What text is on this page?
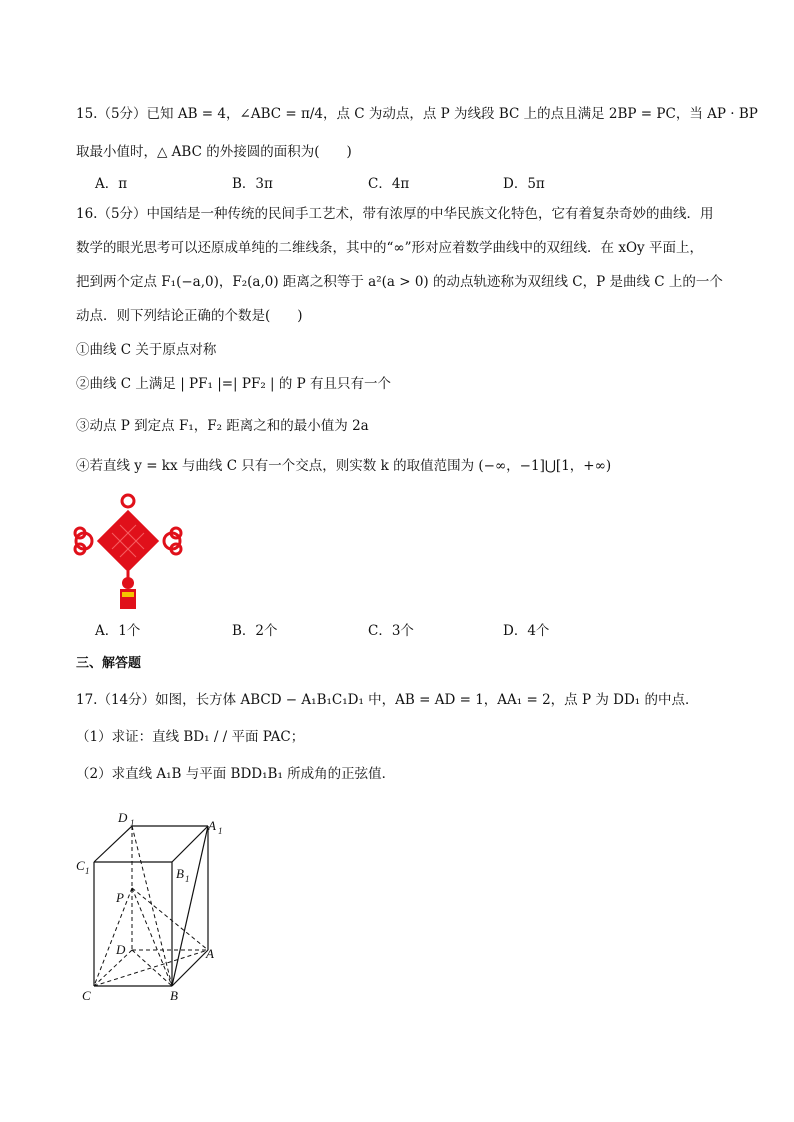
15.（5分）已知 AB = 4，∠ABC = π/4，点 C 为动点，点 P 为线段 BC 上的点且满足 2BP = PC，当 AP · BP
取最小值时，△ ABC 的外接圆的面积为(　　)
A．π	B．3π	C．4π	D．5π
16.（5分）中国结是一种传统的民间手工艺术，带有浓厚的中华民族文化特色，它有着复杂奇妙的曲线．用
数学的眼光思考可以还原成单纯的二维线条，其中的“∞”形对应着数学曲线中的双纽线．在 xOy 平面上，
把到两个定点 F₁(−a,0)，F₂(a,0) 距离之积等于 a²(a > 0) 的动点轨迹称为双纽线 C，P 是曲线 C 上的一个
动点．则下列结论正确的个数是(　　)
①曲线 C 关于原点对称
②曲线 C 上满足 | PF₁ |=| PF₂ | 的 P 有且只有一个
③动点 P 到定点 F₁，F₂ 距离之和的最小值为 2a
④若直线 y = kx 与曲线 C 只有一个交点，则实数 k 的取值范围为 (−∞，−1]⋃[1，+∞)
A．1个	B．2个	C．3个	D．4个
三、解答题
17.（14分）如图，长方体 ABCD − A₁B₁C₁D₁ 中，AB = AD = 1，AA₁ = 2，点 P 为 DD₁ 的中点．
（1）求证：直线 BD₁ / / 平面 PAC；
（2）求直线 A₁B 与平面 BDD₁B₁ 所成角的正弦值．
D 1	A 1
C 1	B 1
P
D	A
C	B
